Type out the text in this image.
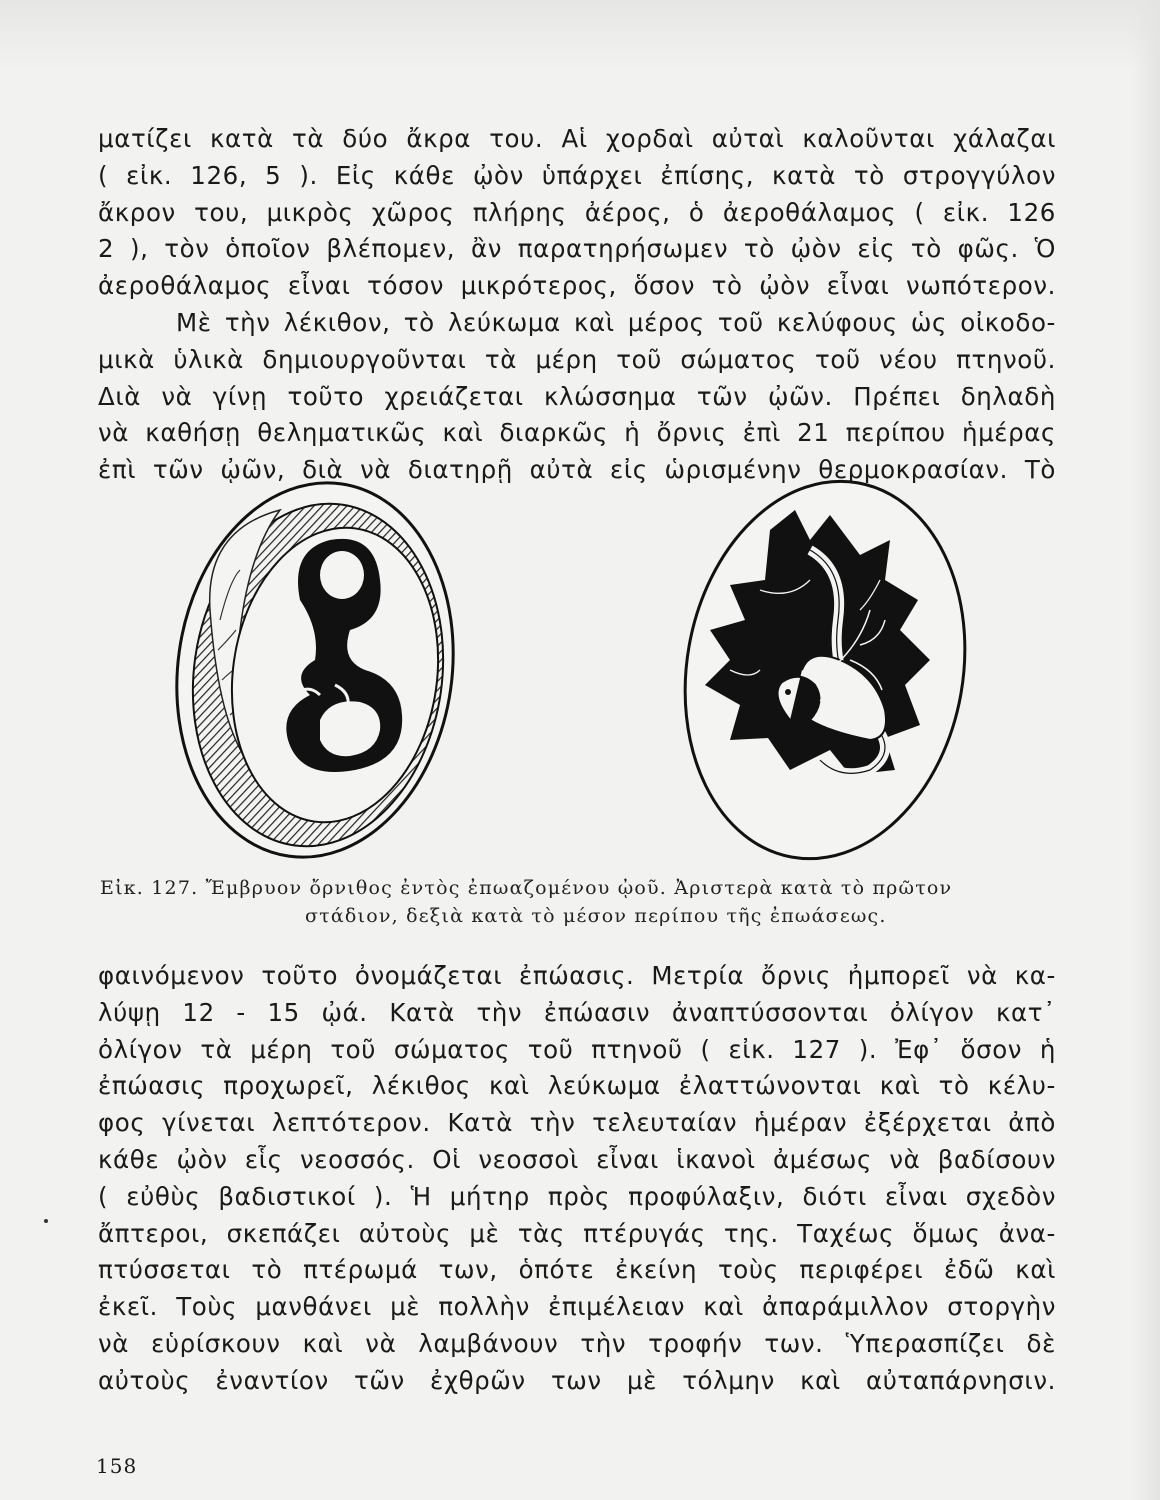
ματίζει κατὰ τὰ δύο ἄκρα του. Αἱ χορδαὶ αὐταὶ καλοῦνται χάλαζαι
( εἰκ. 126, 5 ). Εἰς κάθε ᾠὸν ὑπάρχει ἐπίσης, κατὰ τὸ στρογγύλον
ἄκρον του, μικρὸς χῶρος πλήρης ἀέρος, ὁ ἀεροθάλαμος ( εἰκ. 126
2 ), τὸν ὁποῖον βλέπομεν, ἂν παρατηρήσωμεν τὸ ᾠὸν εἰς τὸ φῶς. Ὁ
ἀεροθάλαμος εἶναι τόσον μικρότερος, ὅσον τὸ ᾠὸν εἶναι νωπότερον.
Μὲ τὴν λέκιθον, τὸ λεύκωμα καὶ μέρος τοῦ κελύφους ὡς οἰκοδο-
μικὰ ὑλικὰ δημιουργοῦνται τὰ μέρη τοῦ σώματος τοῦ νέου πτηνοῦ.
Διὰ νὰ γίνῃ τοῦτο χρειάζεται κλώσσημα τῶν ᾠῶν. Πρέπει δηλαδὴ
νὰ καθήσῃ θεληματικῶς καὶ διαρκῶς ἡ ὄρνις ἐπὶ 21 περίπου ἡμέρας
ἐπὶ τῶν ᾠῶν, διὰ νὰ διατηρῇ αὐτὰ εἰς ὡρισμένην θερμοκρασίαν. Τὸ
Εἰκ. 127. Ἔμβρυον ὄρνιθος ἐντὸς ἐπωαζομένου ᾠοῦ. Ἀριστερὰ κατὰ τὸ πρῶτον
στάδιον, δεξιὰ κατὰ τὸ μέσον περίπου τῆς ἐπωάσεως.
φαινόμενον τοῦτο ὀνομάζεται ἐπώασις. Μετρία ὄρνις ἠμπορεῖ νὰ κα-
λύψῃ 12 - 15 ᾠά. Κατὰ τὴν ἐπώασιν ἀναπτύσσονται ὀλίγον κατ᾽
ὀλίγον τὰ μέρη τοῦ σώματος τοῦ πτηνοῦ ( εἰκ. 127 ). Ἐφ᾽ ὅσον ἡ
ἐπώασις προχωρεῖ, λέκιθος καὶ λεύκωμα ἐλαττώνονται καὶ τὸ κέλυ-
φος γίνεται λεπτότερον. Κατὰ τὴν τελευταίαν ἡμέραν ἐξέρχεται ἀπὸ
κάθε ᾠὸν εἷς νεοσσός. Οἱ νεοσσοὶ εἶναι ἱκανοὶ ἀμέσως νὰ βαδίσουν
( εὐθὺς βαδιστικοί ). Ἡ μήτηρ πρὸς προφύλαξιν, διότι εἶναι σχεδὸν
ἄπτεροι, σκεπάζει αὐτοὺς μὲ τὰς πτέρυγάς της. Ταχέως ὅμως ἀνα-
πτύσσεται τὸ πτέρωμά των, ὁπότε ἐκείνη τοὺς περιφέρει ἐδῶ καὶ
ἐκεῖ. Τοὺς μανθάνει μὲ πολλὴν ἐπιμέλειαν καὶ ἀπαράμιλλον στοργὴν
νὰ εὑρίσκουν καὶ νὰ λαμβάνουν τὴν τροφήν των. Ὑπερασπίζει δὲ
αὐτοὺς ἐναντίον τῶν ἐχθρῶν των μὲ τόλμην καὶ αὐταπάρνησιν.
158
